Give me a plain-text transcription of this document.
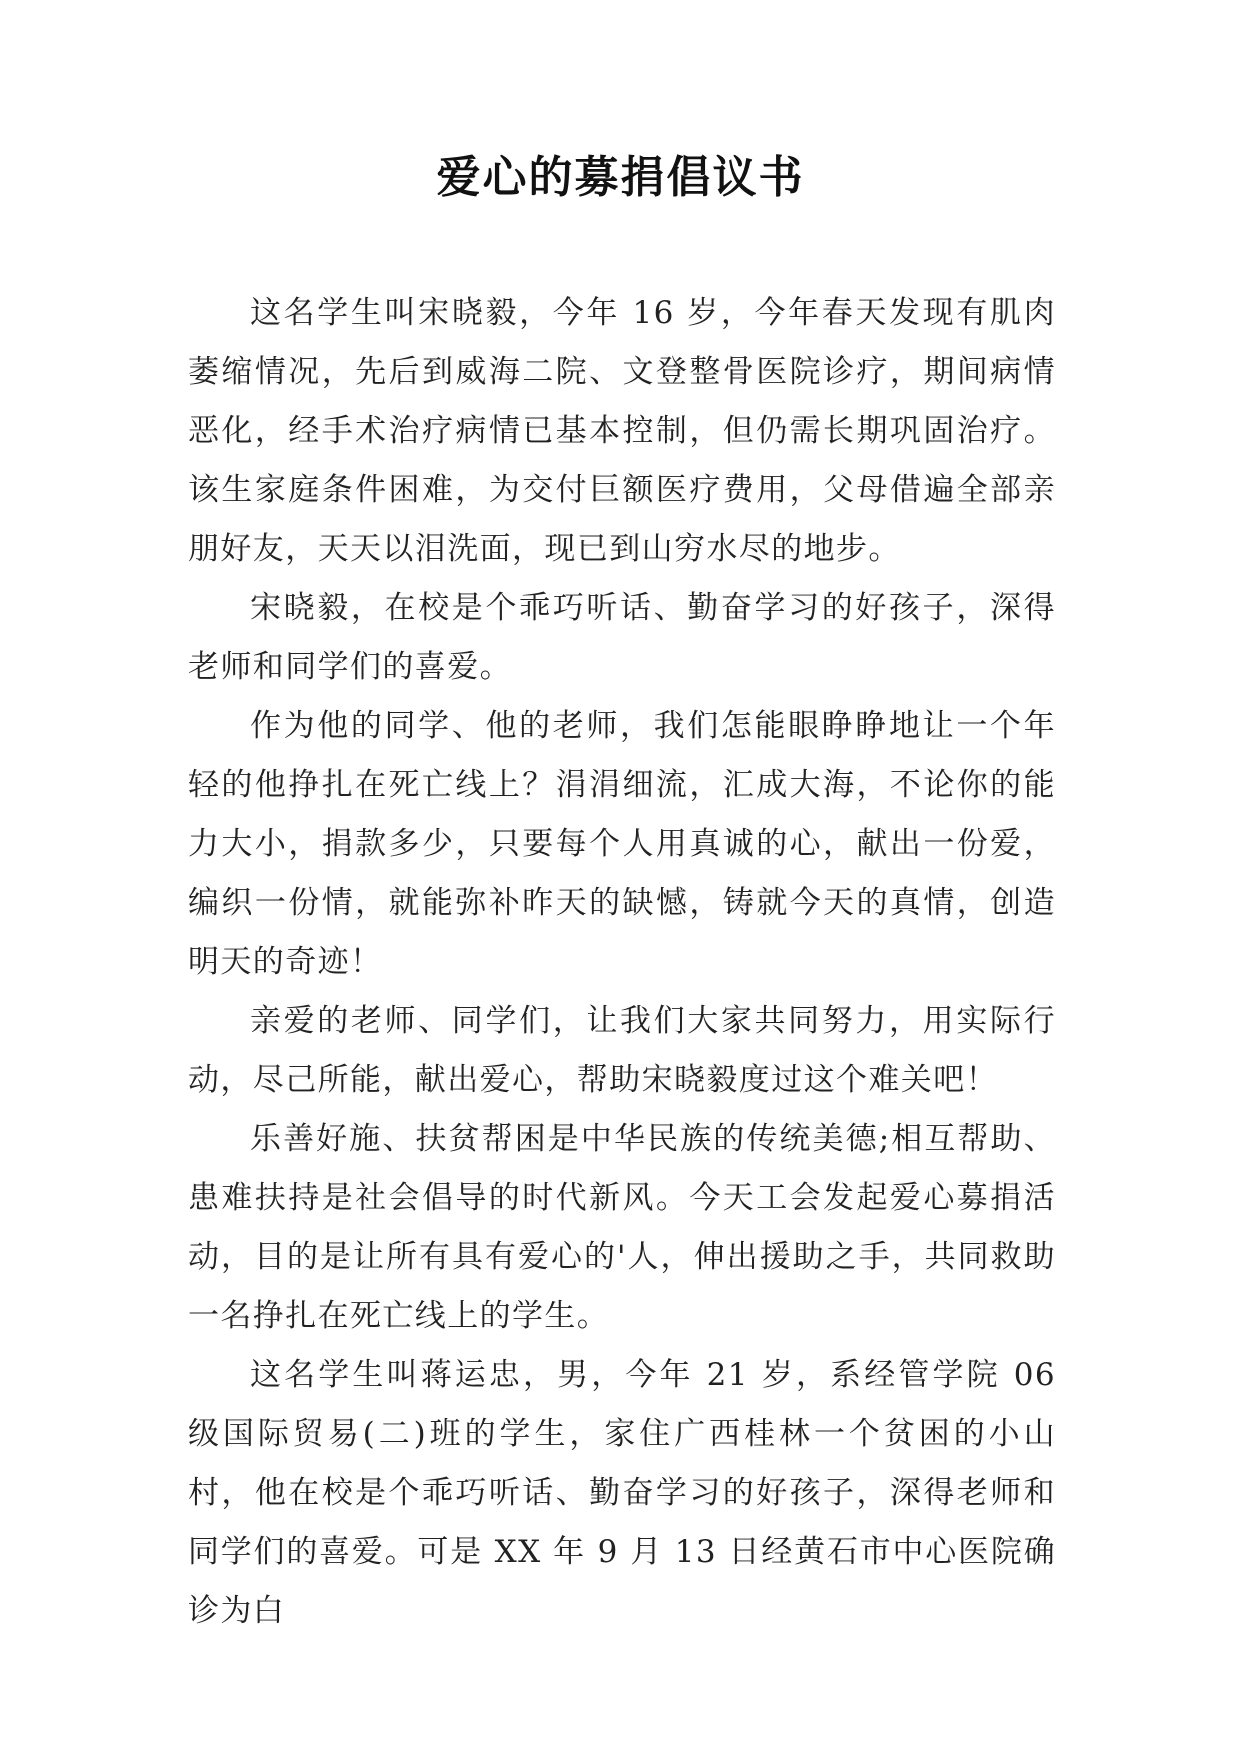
爱心的募捐倡议书

这名学生叫宋晓毅，今年 16 岁，今年春天发现有肌肉萎缩情况，先后到威海二院、文登整骨医院诊疗，期间病情恶化，经手术治疗病情已基本控制，但仍需长期巩固治疗。该生家庭条件困难，为交付巨额医疗费用，父母借遍全部亲朋好友，天天以泪洗面，现已到山穷水尽的地步。

宋晓毅，在校是个乖巧听话、勤奋学习的好孩子，深得老师和同学们的喜爱。

作为他的同学、他的老师，我们怎能眼睁睁地让一个年轻的他挣扎在死亡线上？涓涓细流，汇成大海，不论你的能力大小，捐款多少，只要每个人用真诚的心，献出一份爱，编织一份情，就能弥补昨天的缺憾，铸就今天的真情，创造明天的奇迹！

亲爱的老师、同学们，让我们大家共同努力，用实际行动，尽己所能，献出爱心，帮助宋晓毅度过这个难关吧！

乐善好施、扶贫帮困是中华民族的传统美德;相互帮助、患难扶持是社会倡导的时代新风。今天工会发起爱心募捐活动，目的是让所有具有爱心的'人，伸出援助之手，共同救助一名挣扎在死亡线上的学生。

这名学生叫蒋运忠，男，今年 21 岁，系经管学院 06 级国际贸易(二)班的学生，家住广西桂林一个贫困的小山村，他在校是个乖巧听话、勤奋学习的好孩子，深得老师和同学们的喜爱。可是 XX 年 9 月 13 日经黄石市中心医院确诊为白
